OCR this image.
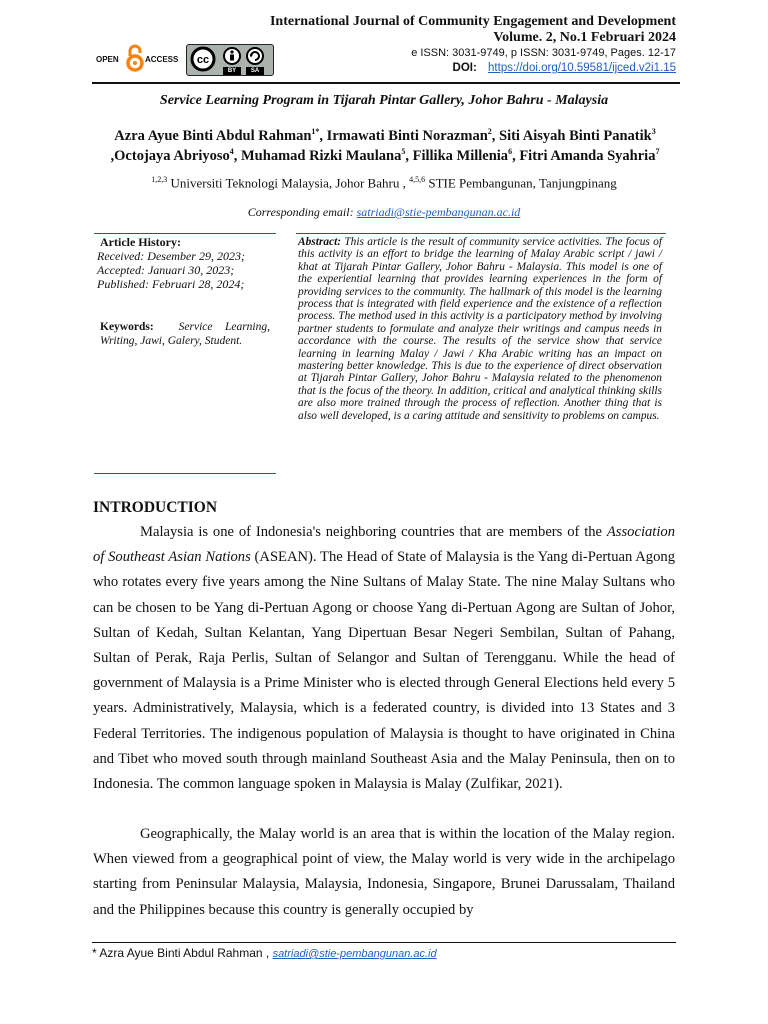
International Journal of Community Engagement and Development
Volume. 2, No.1 Februari 2024
e ISSN: 3031-9749, p ISSN: 3031-9749, Pages. 12-17
DOI: https://doi.org/10.59581/ijced.v2i1.15
OPEN	ACCESS cc
BY	SA
Service Learning Program in Tijarah Pintar Gallery, Johor Bahru - Malaysia
Azra Ayue Binti Abdul Rahman$^{1*}$, Irmawati Binti Norazman$^2$, Siti Aisyah Binti Panatik$^3$ ,Octojaya Abriyoso$^4$, Muhamad Rizki Maulana$^5$, Fillika Millenia$^6$, Fitri Amanda Syahria$^7$
$^{1,2,3}$ Universiti Teknologi Malaysia, Johor Bahru , $^{4,5,6}$ STIE Pembangunan, Tanjungpinang
Corresponding email: satriadi@stie-pembangunan.ac.id
Article History:
Received: Desember 29, 2023;
Accepted: Januari 30, 2023;
Published: Februari 28, 2024;
Keywords: Service Learning, Writing, Jawi, Galery, Student.
Abstract: This article is the result of community service activities. The focus of this activity is an effort to bridge the learning of Malay Arabic script / jawi / khat at Tijarah Pintar Gallery, Johor Bahru - Malaysia. This model is one of the experiential learning that provides learning experiences in the form of providing services to the community. The hallmark of this model is the learning process that is integrated with field experience and the existence of a reflection process. The method used in this activity is a participatory method by involving partner students to formulate and analyze their writings and campus needs in accordance with the course. The results of the service show that service learning in learning Malay / Jawi / Kha Arabic writing has an impact on mastering better knowledge. This is due to the experience of direct observation at Tijarah Pintar Gallery, Johor Bahru - Malaysia related to the phenomenon that is the focus of the theory. In addition, critical and analytical thinking skills are also more trained through the process of reflection. Another thing that is also well developed, is a caring attitude and sensitivity to problems on campus.
INTRODUCTION

Malaysia is one of Indonesia's neighboring countries that are members of the Association of Southeast Asian Nations (ASEAN). The Head of State of Malaysia is the Yang di-Pertuan Agong who rotates every five years among the Nine Sultans of Malay State. The nine Malay Sultans who can be chosen to be Yang di-Pertuan Agong or choose Yang di-Pertuan Agong are Sultan of Johor, Sultan of Kedah, Sultan Kelantan, Yang Dipertuan Besar Negeri Sembilan, Sultan of Pahang, Sultan of Perak, Raja Perlis, Sultan of Selangor and Sultan of Terengganu. While the head of government of Malaysia is a Prime Minister who is elected through General Elections held every 5 years. Administratively, Malaysia, which is a federated country, is divided into 13 States and 3 Federal Territories. The indigenous population of Malaysia is thought to have originated in China and Tibet who moved south through mainland Southeast Asia and the Malay Peninsula, then on to Indonesia. The common language spoken in Malaysia is Malay (Zulfikar, 2021).

Geographically, the Malay world is an area that is within the location of the Malay region. When viewed from a geographical point of view, the Malay world is very wide in the archipelago starting from Peninsular Malaysia, Malaysia, Indonesia, Singapore, Brunei Darussalam, Thailand and the Philippines because this country is generally occupied by

* Azra Ayue Binti Abdul Rahman , satriadi@stie-pembangunan.ac.id
